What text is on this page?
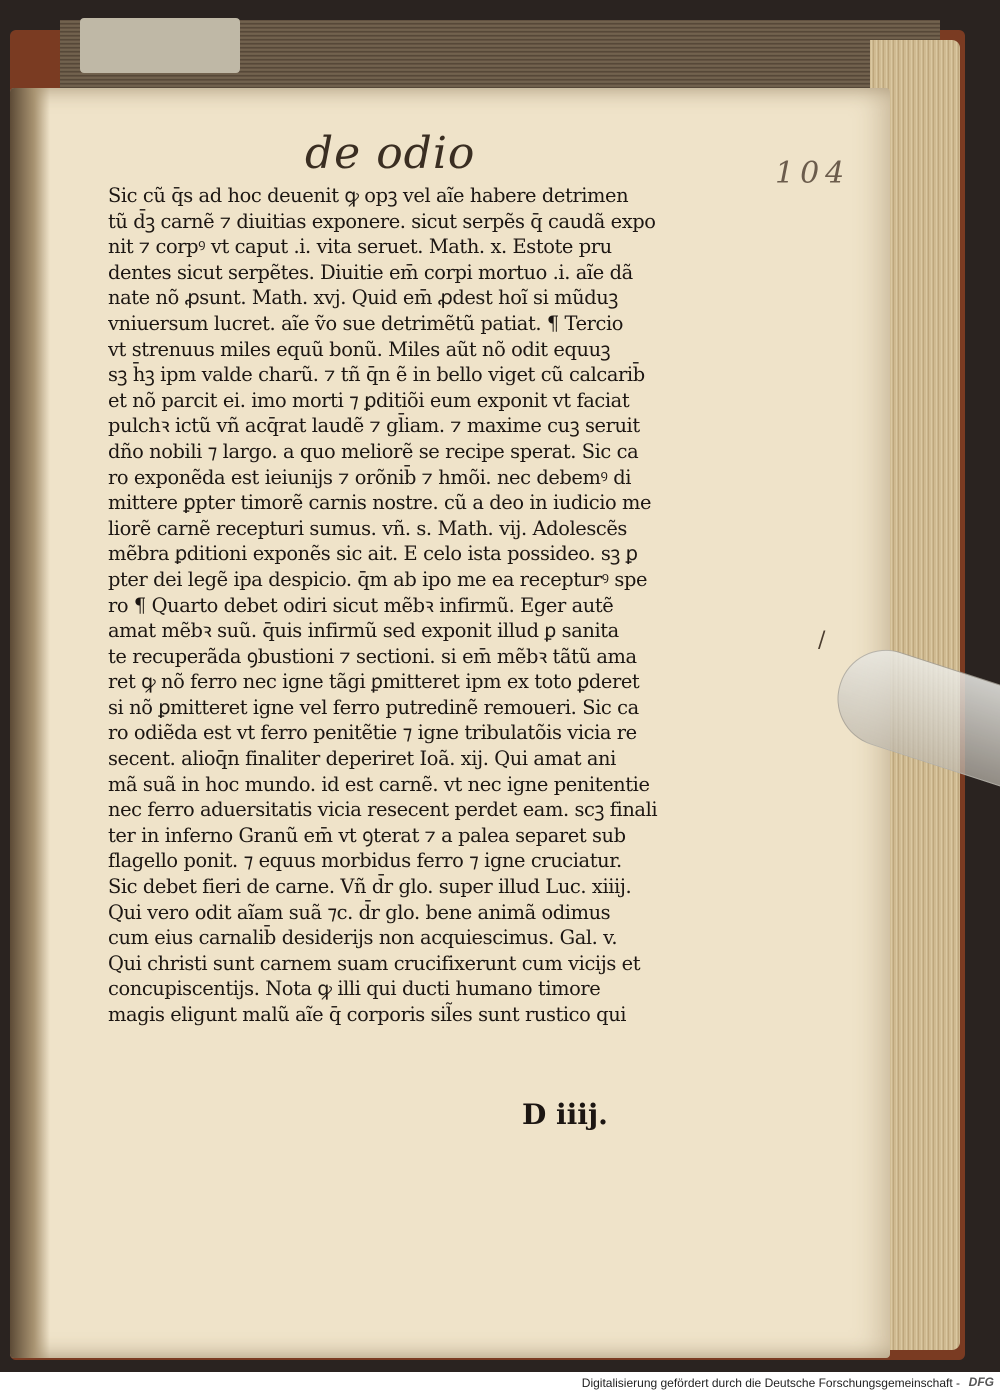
de odio	104
Sic cũ q̄s ad hoc deuenit ꝙ opꝫ vel aĩe habere detrimen
tũ d̄ꝫ carnẽ ⁊ diuitias exponere. sicut serpẽs q̄ caudã expo
nit ⁊ corpꝰ vt caput .i. vita seruet. Math. x. Estote pru
dentes sicut serpẽtes. Diuitie em̄ corpi mortuo .i. aĩe dã
nate nõ ꝓsunt. Math. xvj. Quid em̄ ꝓdest hoĩ si mũduꝫ
vniuersum lucret. aĩe ṽo sue detrimẽtũ patiat. ¶ Tercio
vt strenuus miles equũ bonũ. Miles aũt nõ odit equuꝫ
sꝫ h̄ꝫ ipm valde charũ. ⁊ tñ q̄n ẽ in bello viget cũ calcarib̄
et nõ parcit ei. imo morti ⁊ ꝑditiõi eum exponit vt faciat
pulchꝛ ictũ vñ acq̄rat laudẽ ⁊ gl̄iam. ⁊ maxime cuꝫ seruit
dño nobili ⁊ largo. a quo meliorẽ se recipe sperat. Sic ca
ro exponẽda est ieiunijs ⁊ orõnib̄ ⁊ hmõi. nec debemꝰ di
mittere ꝑpter timorẽ carnis nostre. cũ a deo in iudicio me
liorẽ carnẽ recepturi sumus. vñ. s. Math. vij. Adolescẽs
mẽbra ꝑditioni exponẽs sic ait. E celo ista possideo. sꝫ ꝑ
pter dei legẽ ipa despicio. q̄m ab ipo me ea recepturꝰ spe
ro ¶ Quarto debet odiri sicut mẽbꝛ infirmũ. Eger autẽ
amat mẽbꝛ suũ. q̄uis infirmũ sed exponit illud ꝑ sanita
te recuperãda ꝯbustioni ⁊ sectioni. si em̄ mẽbꝛ tãtũ ama
ret ꝙ nõ ferro nec igne tãgi ꝑmitteret ipm ex toto ꝑderet
si nõ ꝑmitteret igne vel ferro putredinẽ remoueri. Sic ca
ro odiẽda est vt ferro penitẽtie ⁊ igne tribulatõis vicia re
secent. alioq̄n finaliter deperiret Ioã. xij. Qui amat ani
mã suã in hoc mundo. id est carnẽ. vt nec igne penitentie
nec ferro aduersitatis vicia resecent perdet eam. scꝫ finali
ter in inferno Granũ em̄ vt ꝯterat ⁊ a palea separet sub
flagello ponit. ⁊ equus morbidus ferro ⁊ igne cruciatur.
Sic debet fieri de carne. Vñ d̄r glo. super illud Luc. xiiij.
Qui vero odit aĩam suã ⁊c. d̄r glo. bene animã odimus
cum eius carnalib̄ desiderijs non acquiescimus. Gal. v.
Qui christi sunt carnem suam crucifixerunt cum vicijs et
concupiscentijs. Nota ꝙ illi qui ducti humano timore
magis eligunt malũ aĩe q̄ corporis sil̃es sunt rustico qui
/
D iiij.
Digitalisierung gefördert durch die Deutsche Forschungsgemeinschaft - DFG
